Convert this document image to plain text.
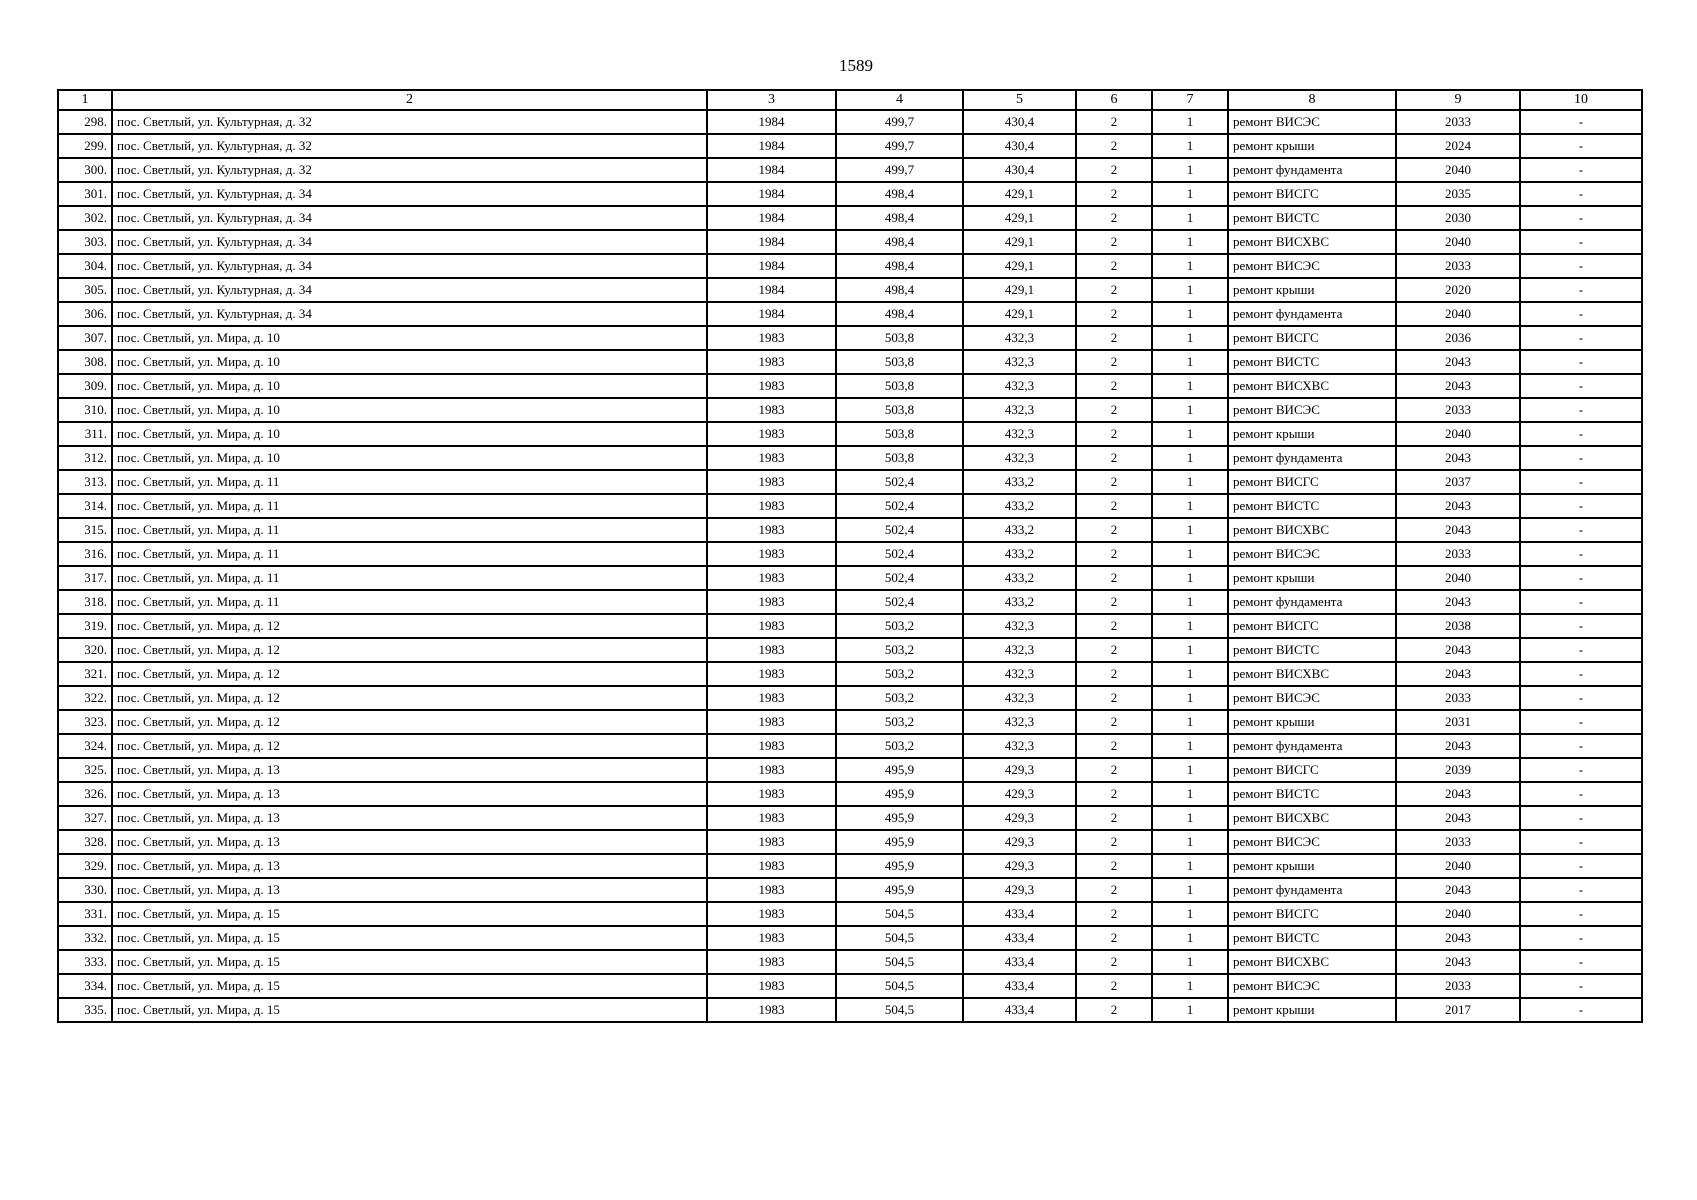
1589
1	2	3	4	5	6	7	8	9	10
298.	пос. Светлый, ул. Культурная, д. 32	1984	499,7	430,4	2	1	ремонт ВИСЭС	2033	-
299.	пос. Светлый, ул. Культурная, д. 32	1984	499,7	430,4	2	1	ремонт крыши	2024	-
300.	пос. Светлый, ул. Культурная, д. 32	1984	499,7	430,4	2	1	ремонт фундамента	2040	-
301.	пос. Светлый, ул. Культурная, д. 34	1984	498,4	429,1	2	1	ремонт ВИСГС	2035	-
302.	пос. Светлый, ул. Культурная, д. 34	1984	498,4	429,1	2	1	ремонт ВИСТС	2030	-
303.	пос. Светлый, ул. Культурная, д. 34	1984	498,4	429,1	2	1	ремонт ВИСХВС	2040	-
304.	пос. Светлый, ул. Культурная, д. 34	1984	498,4	429,1	2	1	ремонт ВИСЭС	2033	-
305.	пос. Светлый, ул. Культурная, д. 34	1984	498,4	429,1	2	1	ремонт крыши	2020	-
306.	пос. Светлый, ул. Культурная, д. 34	1984	498,4	429,1	2	1	ремонт фундамента	2040	-
307.	пос. Светлый, ул. Мира, д. 10	1983	503,8	432,3	2	1	ремонт ВИСГС	2036	-
308.	пос. Светлый, ул. Мира, д. 10	1983	503,8	432,3	2	1	ремонт ВИСТС	2043	-
309.	пос. Светлый, ул. Мира, д. 10	1983	503,8	432,3	2	1	ремонт ВИСХВС	2043	-
310.	пос. Светлый, ул. Мира, д. 10	1983	503,8	432,3	2	1	ремонт ВИСЭС	2033	-
311.	пос. Светлый, ул. Мира, д. 10	1983	503,8	432,3	2	1	ремонт крыши	2040	-
312.	пос. Светлый, ул. Мира, д. 10	1983	503,8	432,3	2	1	ремонт фундамента	2043	-
313.	пос. Светлый, ул. Мира, д. 11	1983	502,4	433,2	2	1	ремонт ВИСГС	2037	-
314.	пос. Светлый, ул. Мира, д. 11	1983	502,4	433,2	2	1	ремонт ВИСТС	2043	-
315.	пос. Светлый, ул. Мира, д. 11	1983	502,4	433,2	2	1	ремонт ВИСХВС	2043	-
316.	пос. Светлый, ул. Мира, д. 11	1983	502,4	433,2	2	1	ремонт ВИСЭС	2033	-
317.	пос. Светлый, ул. Мира, д. 11	1983	502,4	433,2	2	1	ремонт крыши	2040	-
318.	пос. Светлый, ул. Мира, д. 11	1983	502,4	433,2	2	1	ремонт фундамента	2043	-
319.	пос. Светлый, ул. Мира, д. 12	1983	503,2	432,3	2	1	ремонт ВИСГС	2038	-
320.	пос. Светлый, ул. Мира, д. 12	1983	503,2	432,3	2	1	ремонт ВИСТС	2043	-
321.	пос. Светлый, ул. Мира, д. 12	1983	503,2	432,3	2	1	ремонт ВИСХВС	2043	-
322.	пос. Светлый, ул. Мира, д. 12	1983	503,2	432,3	2	1	ремонт ВИСЭС	2033	-
323.	пос. Светлый, ул. Мира, д. 12	1983	503,2	432,3	2	1	ремонт крыши	2031	-
324.	пос. Светлый, ул. Мира, д. 12	1983	503,2	432,3	2	1	ремонт фундамента	2043	-
325.	пос. Светлый, ул. Мира, д. 13	1983	495,9	429,3	2	1	ремонт ВИСГС	2039	-
326.	пос. Светлый, ул. Мира, д. 13	1983	495,9	429,3	2	1	ремонт ВИСТС	2043	-
327.	пос. Светлый, ул. Мира, д. 13	1983	495,9	429,3	2	1	ремонт ВИСХВС	2043	-
328.	пос. Светлый, ул. Мира, д. 13	1983	495,9	429,3	2	1	ремонт ВИСЭС	2033	-
329.	пос. Светлый, ул. Мира, д. 13	1983	495,9	429,3	2	1	ремонт крыши	2040	-
330.	пос. Светлый, ул. Мира, д. 13	1983	495,9	429,3	2	1	ремонт фундамента	2043	-
331.	пос. Светлый, ул. Мира, д. 15	1983	504,5	433,4	2	1	ремонт ВИСГС	2040	-
332.	пос. Светлый, ул. Мира, д. 15	1983	504,5	433,4	2	1	ремонт ВИСТС	2043	-
333.	пос. Светлый, ул. Мира, д. 15	1983	504,5	433,4	2	1	ремонт ВИСХВС	2043	-
334.	пос. Светлый, ул. Мира, д. 15	1983	504,5	433,4	2	1	ремонт ВИСЭС	2033	-
335.	пос. Светлый, ул. Мира, д. 15	1983	504,5	433,4	2	1	ремонт крыши	2017	-
